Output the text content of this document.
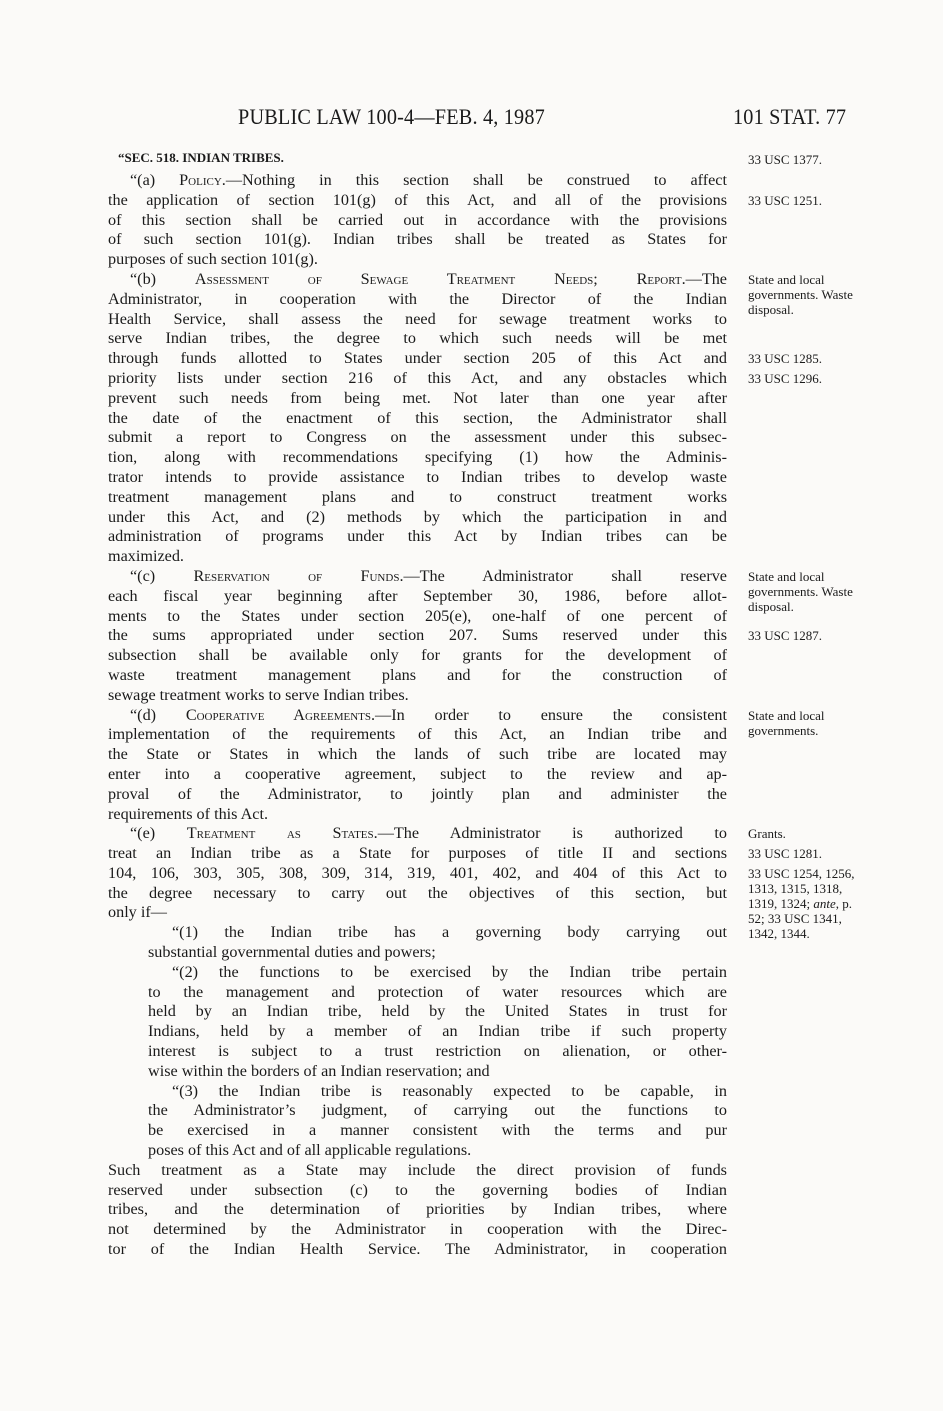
PUBLIC LAW 100-4—FEB. 4, 1987	101 STAT. 77
“SEC. 518. INDIAN TRIBES.
“(a) Policy.—Nothing in this section shall be construed to affect
the application of section 101(g) of this Act, and all of the provisions
of this section shall be carried out in accordance with the provisions
of such section 101(g). Indian tribes shall be treated as States for
purposes of such section 101(g).
“(b) Assessment of Sewage Treatment Needs; Report.—The
Administrator, in cooperation with the Director of the Indian
Health Service, shall assess the need for sewage treatment works to
serve Indian tribes, the degree to which such needs will be met
through funds allotted to States under section 205 of this Act and
priority lists under section 216 of this Act, and any obstacles which
prevent such needs from being met. Not later than one year after
the date of the enactment of this section, the Administrator shall
submit a report to Congress on the assessment under this subsec-
tion, along with recommendations specifying (1) how the Adminis-
trator intends to provide assistance to Indian tribes to develop waste
treatment management plans and to construct treatment works
under this Act, and (2) methods by which the participation in and
administration of programs under this Act by Indian tribes can be
maximized.
“(c) Reservation of Funds.—The Administrator shall reserve
each fiscal year beginning after September 30, 1986, before allot-
ments to the States under section 205(e), one-half of one percent of
the sums appropriated under section 207. Sums reserved under this
subsection shall be available only for grants for the development of
waste treatment management plans and for the construction of
sewage treatment works to serve Indian tribes.
“(d) Cooperative Agreements.—In order to ensure the consistent
implementation of the requirements of this Act, an Indian tribe and
the State or States in which the lands of such tribe are located may
enter into a cooperative agreement, subject to the review and ap-
proval of the Administrator, to jointly plan and administer the
requirements of this Act.
“(e) Treatment as States.—The Administrator is authorized to
treat an Indian tribe as a State for purposes of title II and sections
104, 106, 303, 305, 308, 309, 314, 319, 401, 402, and 404 of this Act to
the degree necessary to carry out the objectives of this section, but
only if—
“(1) the Indian tribe has a governing body carrying out
substantial governmental duties and powers;
“(2) the functions to be exercised by the Indian tribe pertain
to the management and protection of water resources which are
held by an Indian tribe, held by the United States in trust for
Indians, held by a member of an Indian tribe if such property
interest is subject to a trust restriction on alienation, or other-
wise within the borders of an Indian reservation; and
“(3) the Indian tribe is reasonably expected to be capable, in
the Administrator’s judgment, of carrying out the functions to
be exercised in a manner consistent with the terms and pur
poses of this Act and of all applicable regulations.
Such treatment as a State may include the direct provision of funds
reserved under subsection (c) to the governing bodies of Indian
tribes, and the determination of priorities by Indian tribes, where
not determined by the Administrator in cooperation with the Direc-
tor of the Indian Health Service. The Administrator, in cooperation
33 USC 1377.
33 USC 1251.
State and local governments. Waste disposal.
33 USC 1285.
33 USC 1296.
State and local governments. Waste disposal.
33 USC 1287.
State and local governments.
Grants.
33 USC 1281.
33 USC 1254, 1256, 1313, 1315, 1318, 1319, 1324; ante, p. 52; 33 USC 1341, 1342, 1344.
